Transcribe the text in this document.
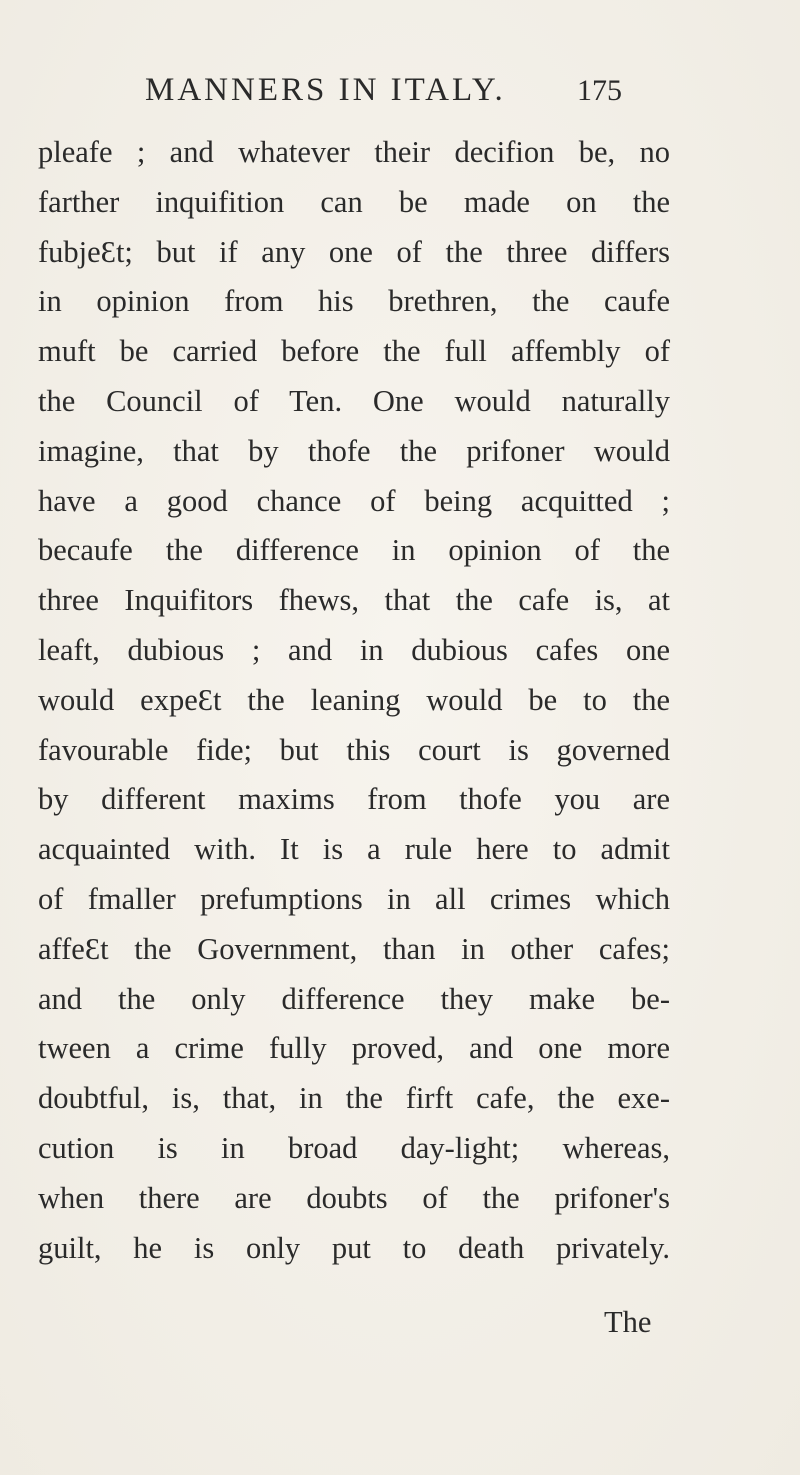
MANNERS IN ITALY. 175
pleafe ; and whatever their decifion be, no
farther inquifition can be made on the
fubjeƐt; but if any one of the three differs
in opinion from his brethren, the caufe
muft be carried before the full affembly of
the Council of Ten. One would naturally
imagine, that by thofe the prifoner would
have a good chance of being acquitted ;
becaufe the difference in opinion of the
three Inquifitors fhews, that the cafe is, at
leaft, dubious ; and in dubious cafes one
would expeƐt the leaning would be to the
favourable fide; but this court is governed
by different maxims from thofe you are
acquainted with. It is a rule here to admit
of fmaller prefumptions in all crimes which
affeƐt the Government, than in other cafes;
and the only difference they make be-
tween a crime fully proved, and one more
doubtful, is, that, in the firft cafe, the exe-
cution is in broad day-light; whereas,
when there are doubts of the prifoner's
guilt, he is only put to death privately.
The
